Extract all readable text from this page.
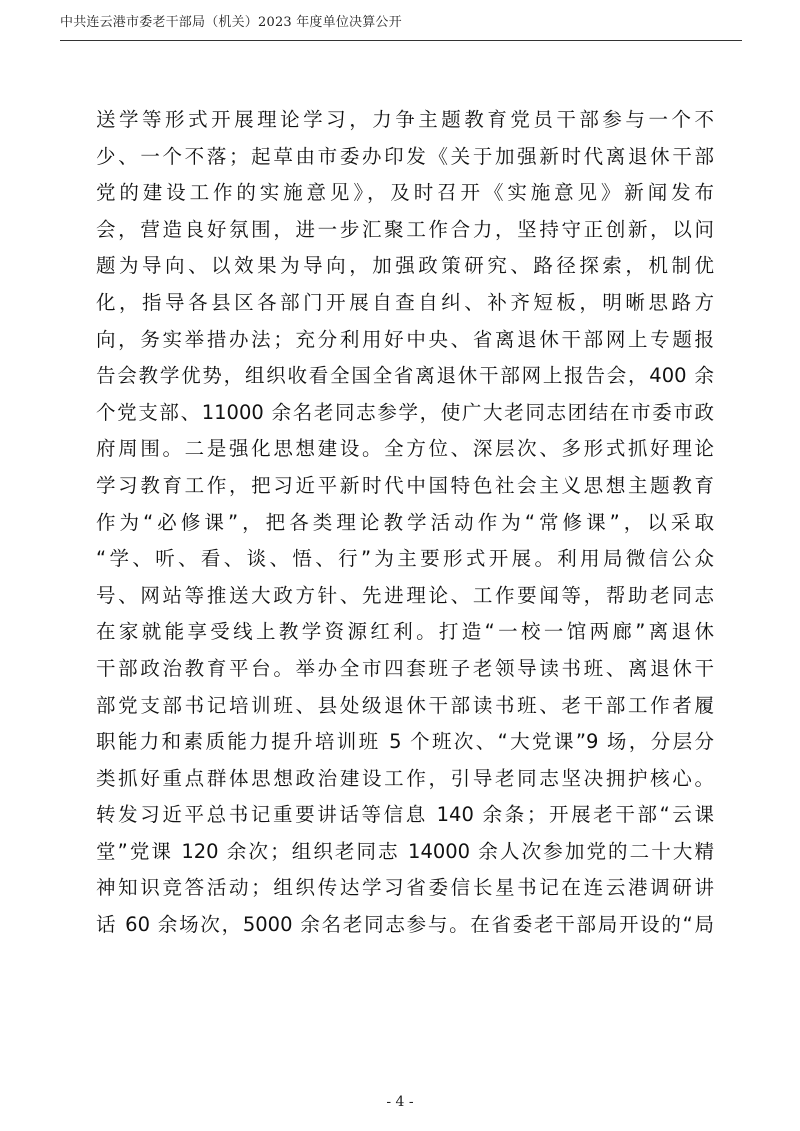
中共连云港市委老干部局（机关）2023 年度单位决算公开
送学等形式开展理论学习，力争主题教育党员干部参与一个不
少、一个不落；起草由市委办印发《关于加强新时代离退休干部
党的建设工作的实施意见》，及时召开《实施意见》新闻发布
会，营造良好氛围，进一步汇聚工作合力，坚持守正创新，以问
题为导向、以效果为导向，加强政策研究、路径探索，机制优
化，指导各县区各部门开展自查自纠、补齐短板，明晰思路方
向，务实举措办法；充分利用好中央、省离退休干部网上专题报
告会教学优势，组织收看全国全省离退休干部网上报告会，400 余
个党支部、11000 余名老同志参学，使广大老同志团结在市委市政
府周围。二是强化思想建设。全方位、深层次、多形式抓好理论
学习教育工作，把习近平新时代中国特色社会主义思想主题教育
作为“必修课”，把各类理论教学活动作为“常修课”，以采取
“学、听、看、谈、悟、行”为主要形式开展。利用局微信公众
号、网站等推送大政方针、先进理论、工作要闻等，帮助老同志
在家就能享受线上教学资源红利。打造“一校一馆两廊”离退休
干部政治教育平台。举办全市四套班子老领导读书班、离退休干
部党支部书记培训班、县处级退休干部读书班、老干部工作者履
职能力和素质能力提升培训班 5 个班次、“大党课”9 场，分层分
类抓好重点群体思想政治建设工作，引导老同志坚决拥护核心。
转发习近平总书记重要讲话等信息 140 余条；开展老干部“云课
堂”党课 120 余次；组织老同志 14000 余人次参加党的二十大精
神知识竞答活动；组织传达学习省委信长星书记在连云港调研讲
话 60 余场次，5000 余名老同志参与。在省委老干部局开设的“局
- 4 -
